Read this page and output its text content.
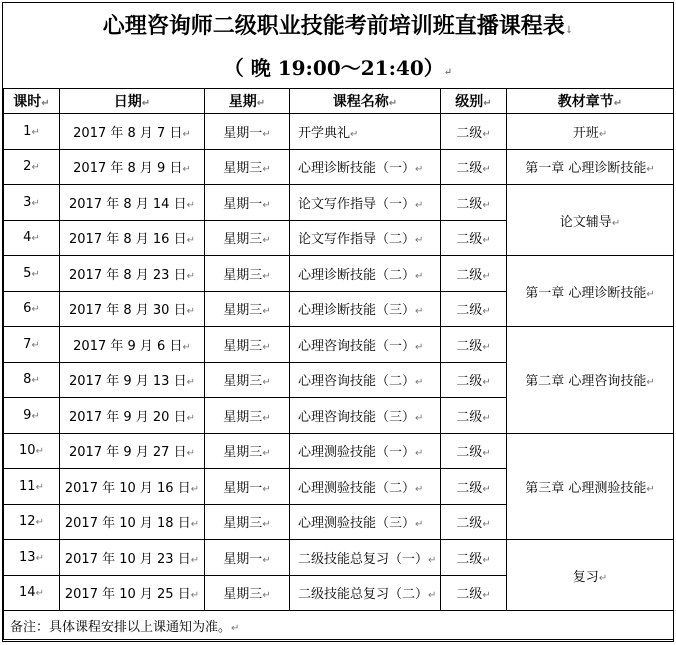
心理咨询师二级职业技能考前培训班直播课程表↓
（ 晚 19:00～21:40）↵
课时↵	日期↵	星期↵	课程名称↵	级别↵	教材章节↵
1↵	2017 年 8 月 7 日↵	星期一↵	开学典礼↵	二级↵	开班↵
2↵	2017 年 8 月 9 日↵	星期三↵	心理诊断技能（一）↵	二级↵	第一章 心理诊断技能↵
3↵	2017 年 8 月 14 日↵	星期一↵	论文写作指导（一）↵	二级↵	论文辅导↵
4↵	2017 年 8 月 16 日↵	星期三↵	论文写作指导（二）↵	二级↵	
5↵	2017 年 8 月 23 日↵	星期三↵	心理诊断技能（二）↵	二级↵	第一章 心理诊断技能↵
6↵	2017 年 8 月 30 日↵	星期三↵	心理诊断技能（三）↵	二级↵	
7↵	2017 年 9 月 6 日↵	星期三↵	心理咨询技能（一）↵	二级↵	第二章 心理咨询技能↵
8↵	2017 年 9 月 13 日↵	星期三↵	心理咨询技能（二）↵	二级↵	
9↵	2017 年 9 月 20 日↵	星期三↵	心理咨询技能（三）↵	二级↵	
10↵	2017 年 9 月 27 日↵	星期三↵	心理测验技能（一）↵	二级↵	第三章 心理测验技能↵
11↵	2017 年 10 月 16 日↵	星期一↵	心理测验技能（二）↵	二级↵	
12↵	2017 年 10 月 18 日↵	星期三↵	心理测验技能（三）↵	二级↵	
13↵	2017 年 10 月 23 日↵	星期一↵	二级技能总复习（一）↵	二级↵	复习↵
14↵	2017 年 10 月 25 日↵	星期三↵	二级技能总复习（二）↵	二级↵	
备注：具体课程安排以上课通知为准。↵					
